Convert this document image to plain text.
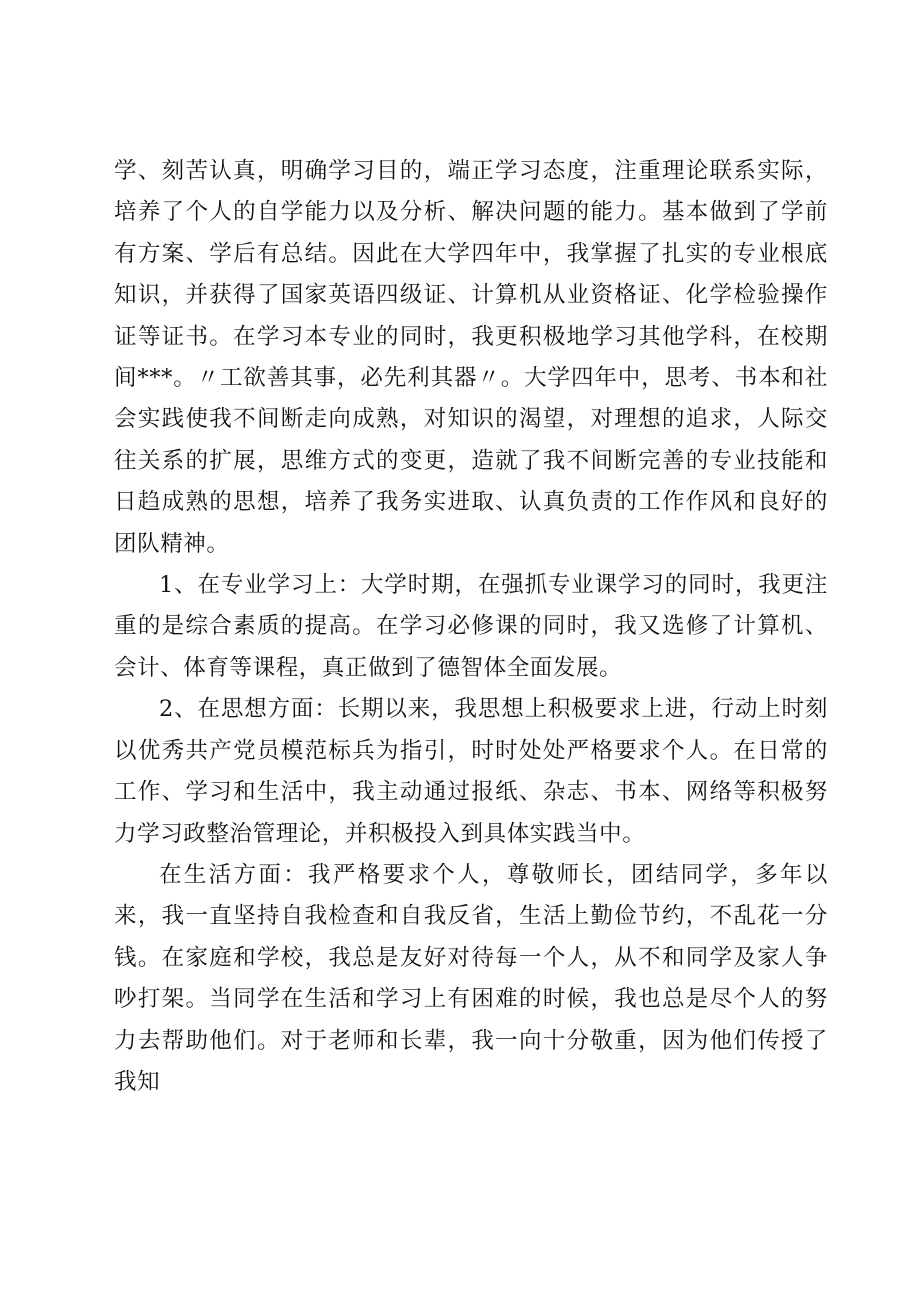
学、刻苦认真，明确学习目的，端正学习态度，注重理论联系实际，培养了个人的自学能力以及分析、解决问题的能力。基本做到了学前有方案、学后有总结。因此在大学四年中，我掌握了扎实的专业根底知识，并获得了国家英语四级证、计算机从业资格证、化学检验操作证等证书。在学习本专业的同时，我更积极地学习其他学科，在校期间***。〃工欲善其事，必先利其器〃。大学四年中，思考、书本和社会实践使我不间断走向成熟，对知识的渴望，对理想的追求，人际交往关系的扩展，思维方式的变更，造就了我不间断完善的专业技能和日趋成熟的思想，培养了我务实进取、认真负责的工作作风和良好的团队精神。

1、在专业学习上：大学时期，在强抓专业课学习的同时，我更注重的是综合素质的提高。在学习必修课的同时，我又选修了计算机、会计、体育等课程，真正做到了德智体全面发展。

2、在思想方面：长期以来，我思想上积极要求上进，行动上时刻以优秀共产党员模范标兵为指引，时时处处严格要求个人。在日常的工作、学习和生活中，我主动通过报纸、杂志、书本、网络等积极努力学习政整治管理论，并积极投入到具体实践当中。

在生活方面：我严格要求个人，尊敬师长，团结同学，多年以来，我一直坚持自我检查和自我反省，生活上勤俭节约，不乱花一分钱。在家庭和学校，我总是友好对待每一个人，从不和同学及家人争吵打架。当同学在生活和学习上有困难的时候，我也总是尽个人的努力去帮助他们。对于老师和长辈，我一向十分敬重，因为他们传授了我知
